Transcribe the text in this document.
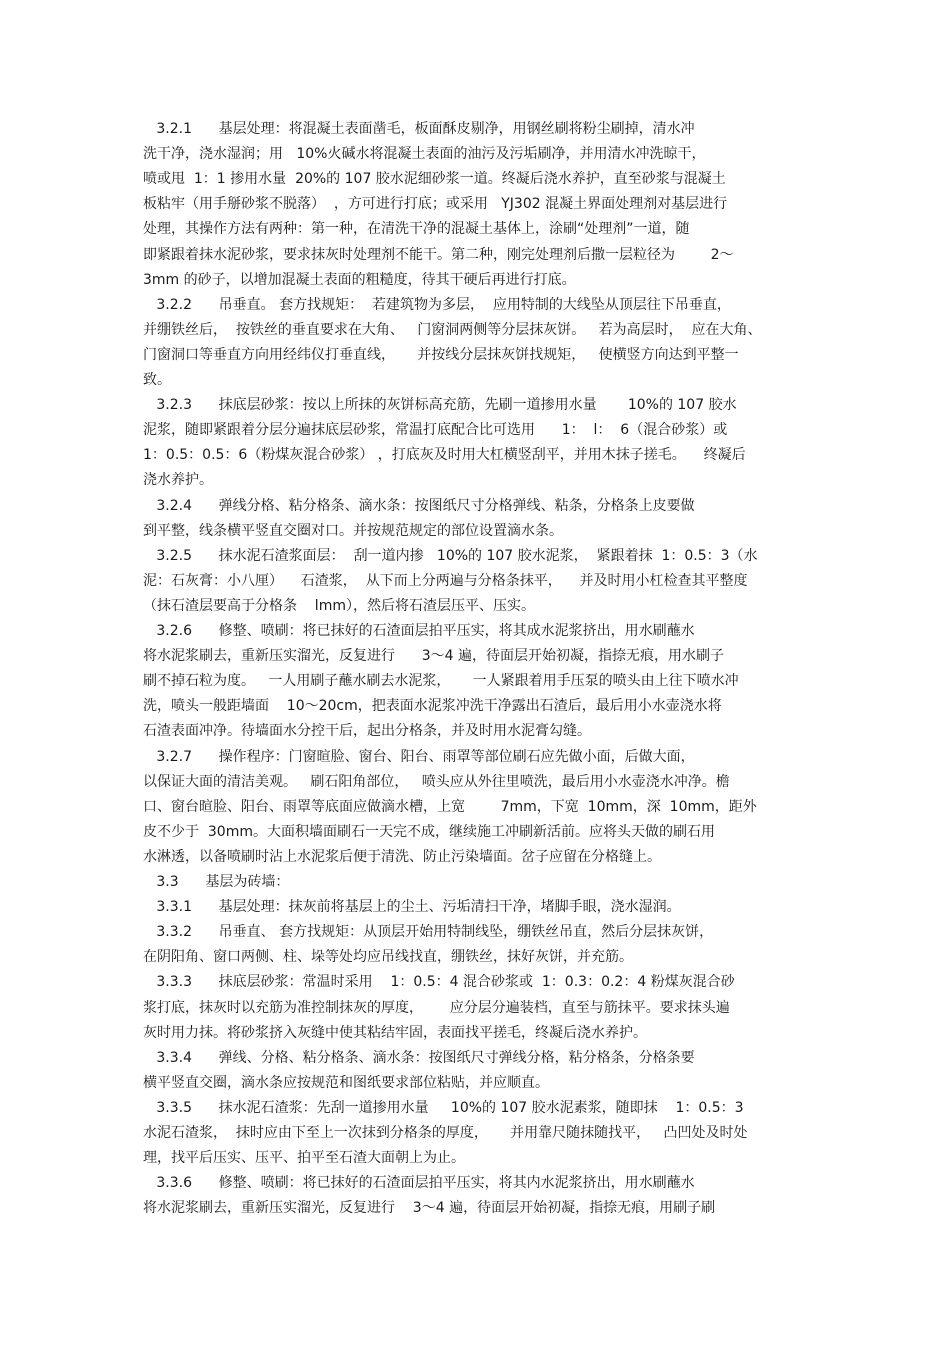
3.2.1      基层处理：将混凝土表面凿毛，板面酥皮剔净，用钢丝刷将粉尘刷掉，清水冲
洗干净，浇水湿润；用   10%火碱水将混凝土表面的油污及污垢刷净，并用清水冲洗晾干，
喷或甩  1：1 掺用水量  20%的 107 胶水泥细砂浆一道。终凝后浇水养护，直至砂浆与混凝土
板粘牢（用手掰砂浆不脱落）  ，方可进行打底；或采用   YJ302 混凝土界面处理剂对基层进行
处理，其操作方法有两种：第一种，在清洗干净的混凝土基体上，涂刷“处理剂”一道，随
即紧跟着抹水泥砂浆，要求抹灰时处理剂不能干。第二种，刚完处理剂后撒一层粒径为        2～
3mm 的砂子，以增加混凝土表面的粗糙度，待其干硬后再进行打底。
3.2.2      吊垂直。 套方找规矩：  若建筑物为多层，  应用特制的大线坠从顶层往下吊垂直，
并绷铁丝后，  按铁丝的垂直要求在大角、   门窗洞两侧等分层抹灰饼。   若为高层时，  应在大角、
门窗洞口等垂直方向用经纬仪打垂直线，     并按线分层抹灰饼找规矩，   使横竖方向达到平整一
致。
3.2.3      抹底层砂浆：按以上所抹的灰饼标高充筋，先刷一道掺用水量       10%的 107 胶水
泥浆，随即紧跟着分层分遍抹底层砂浆，常温打底配合比可选用      1：  l：  6（混合砂浆）或
1：0.5：0.5：6（粉煤灰混合砂浆） ，打底灰及时用大杠横竖刮平，并用木抹子搓毛。    终凝后
浇水养护。
3.2.4      弹线分格、粘分格条、滴水条：按图纸尺寸分格弹线、粘条，分格条上皮要做
到平整，线条横平竖直交圈对口。并按规范规定的部位设置滴水条。
3.2.5      抹水泥石渣浆面层：  刮一道内掺   10%的 107 胶水泥浆，  紧跟着抹  1：0.5：3（水
泥：石灰膏：小八厘）    石渣浆，  从下而上分两遍与分格条抹平，    并及时用小杠检查其平整度
（抹石渣层要高于分格条    lmm），然后将石渣层压平、压实。
3.2.6      修整、喷刷：将已抹好的石渣面层拍平压实，将其成水泥浆挤出，用水刷蘸水
将水泥浆刷去，重新压实溜光，反复进行      3～4 遍，待面层开始初凝，指捺无痕，用水刷子
刷不掉石粒为度。   一人用刷子蘸水刷去水泥浆，     一人紧跟着用手压泵的喷头由上往下喷水冲
洗，喷头一般距墙面    10～20cm，把表面水泥浆冲洗干净露出石渣后，最后用小水壶浇水将
石渣表面冲净。待墙面水分控干后，起出分格条，并及时用水泥膏勾缝。
3.2.7      操作程序：门窗暄脸、窗台、阳台、雨罩等部位刷石应先做小面，后做大面，
以保证大面的清洁美观。   刷石阳角部位，   喷头应从外往里喷洗，最后用小水壶浇水冲净。檐
口、窗台暄脸、阳台、雨罩等底面应做滴水槽，上宽        7mm，下宽  10mm，深  10mm，距外
皮不少于  30mm。大面积墙面刷石一天完不成，继续施工冲刷新活前。应将头天做的刷石用
水淋透，以备喷刷时沾上水泥浆后便于清洗、防止污染墙面。岔子应留在分格缝上。
3.3      基层为砖墙：
3.3.1      基层处理：抹灰前将基层上的尘土、污垢清扫干净，堵脚手眼，浇水湿润。
3.3.2      吊垂直、 套方找规矩：从顶层开始用特制线坠，绷铁丝吊直，然后分层抹灰饼，
在阴阳角、窗口两侧、柱、垛等处均应吊线找直，绷铁丝，抹好灰饼，并充筋。
3.3.3      抹底层砂浆：常温时采用    1：0.5：4 混合砂浆或  1：0.3：0.2：4 粉煤灰混合砂
浆打底，抹灰时以充筋为准控制抹灰的厚度，      应分层分遍装档，直至与筋抹平。要求抹头遍
灰时用力抹。将砂浆挤入灰缝中使其粘结牢固，表面找平搓毛，终凝后浇水养护。
3.3.4      弹线、分格、粘分格条、滴水条：按图纸尺寸弹线分格，粘分格条，分格条要
横平竖直交圈，滴水条应按规范和图纸要求部位粘贴，并应顺直。
3.3.5      抹水泥石渣浆：先刮一道掺用水量     10%的 107 胶水泥素浆，随即抹    1：0.5：3
水泥石渣浆，  抹时应由下至上一次抹到分格条的厚度，     并用靠尺随抹随找平，   凸凹处及时处
理，找平后压实、压平、拍平至石渣大面朝上为止。
3.3.6      修整、喷刷：将已抹好的石渣面层拍平压实，将其内水泥浆挤出，用水刷蘸水
将水泥浆刷去，重新压实溜光，反复进行    3～4 遍，待面层开始初凝，指捺无痕，用刷子刷
